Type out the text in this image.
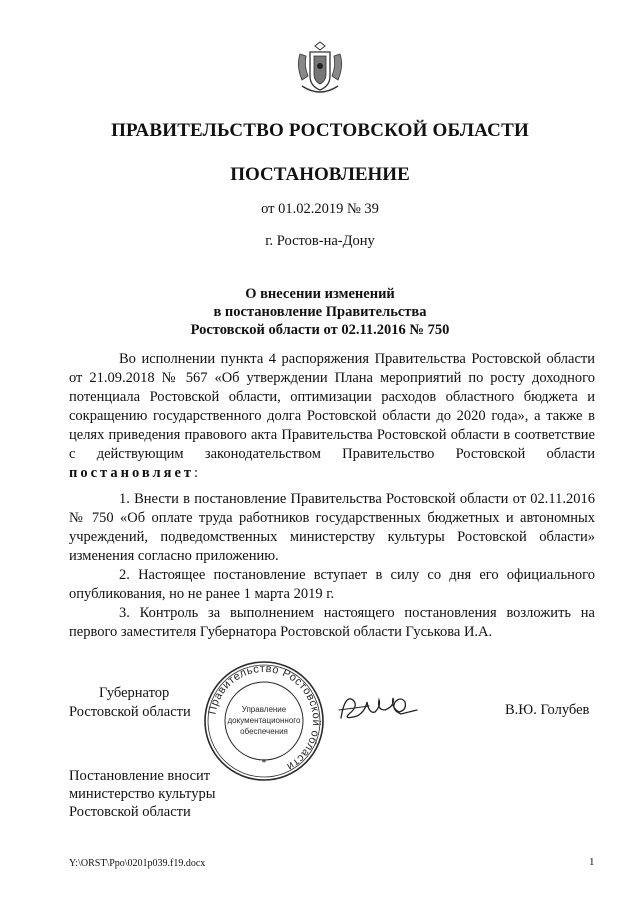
ПРАВИТЕЛЬСТВО РОСТОВСКОЙ ОБЛАСТИ
ПОСТАНОВЛЕНИЕ
от 01.02.2019 № 39
г. Ростов-на-Дону
О внесении изменений
в постановление Правительства
Ростовской области от 02.11.2016 № 750

Во исполнении пункта 4 распоряжения Правительства Ростовской области от 21.09.2018 № 567 «Об утверждении Плана мероприятий по росту доходного потенциала Ростовской области, оптимизации расходов областного бюджета и сокращению государственного долга Ростовской области до 2020 года», а также в целях приведения правового акта Правительства Ростовской области в соответствие с действующим законодательством Правительство Ростовской области постановляет:

1. Внести в постановление Правительства Ростовской области от 02.11.2016 № 750 «Об оплате труда работников государственных бюджетных и автономных учреждений, подведомственных министерству культуры Ростовской области» изменения согласно приложению.

2. Настоящее постановление вступает в силу со дня его официального опубликования, но не ранее 1 марта 2019 г.

3. Контроль за выполнением настоящего постановления возложить на первого заместителя Губернатора Ростовской области Гуськова И.А.

Губернатор
Ростовской области Правительство Ростовской области
Управление
документационного
обеспечения
*
В.Ю. Голубев
Постановление вносит
министерство культуры
Ростовской области
Y:\ORST\Ppo\0201p039.f19.docx	1
